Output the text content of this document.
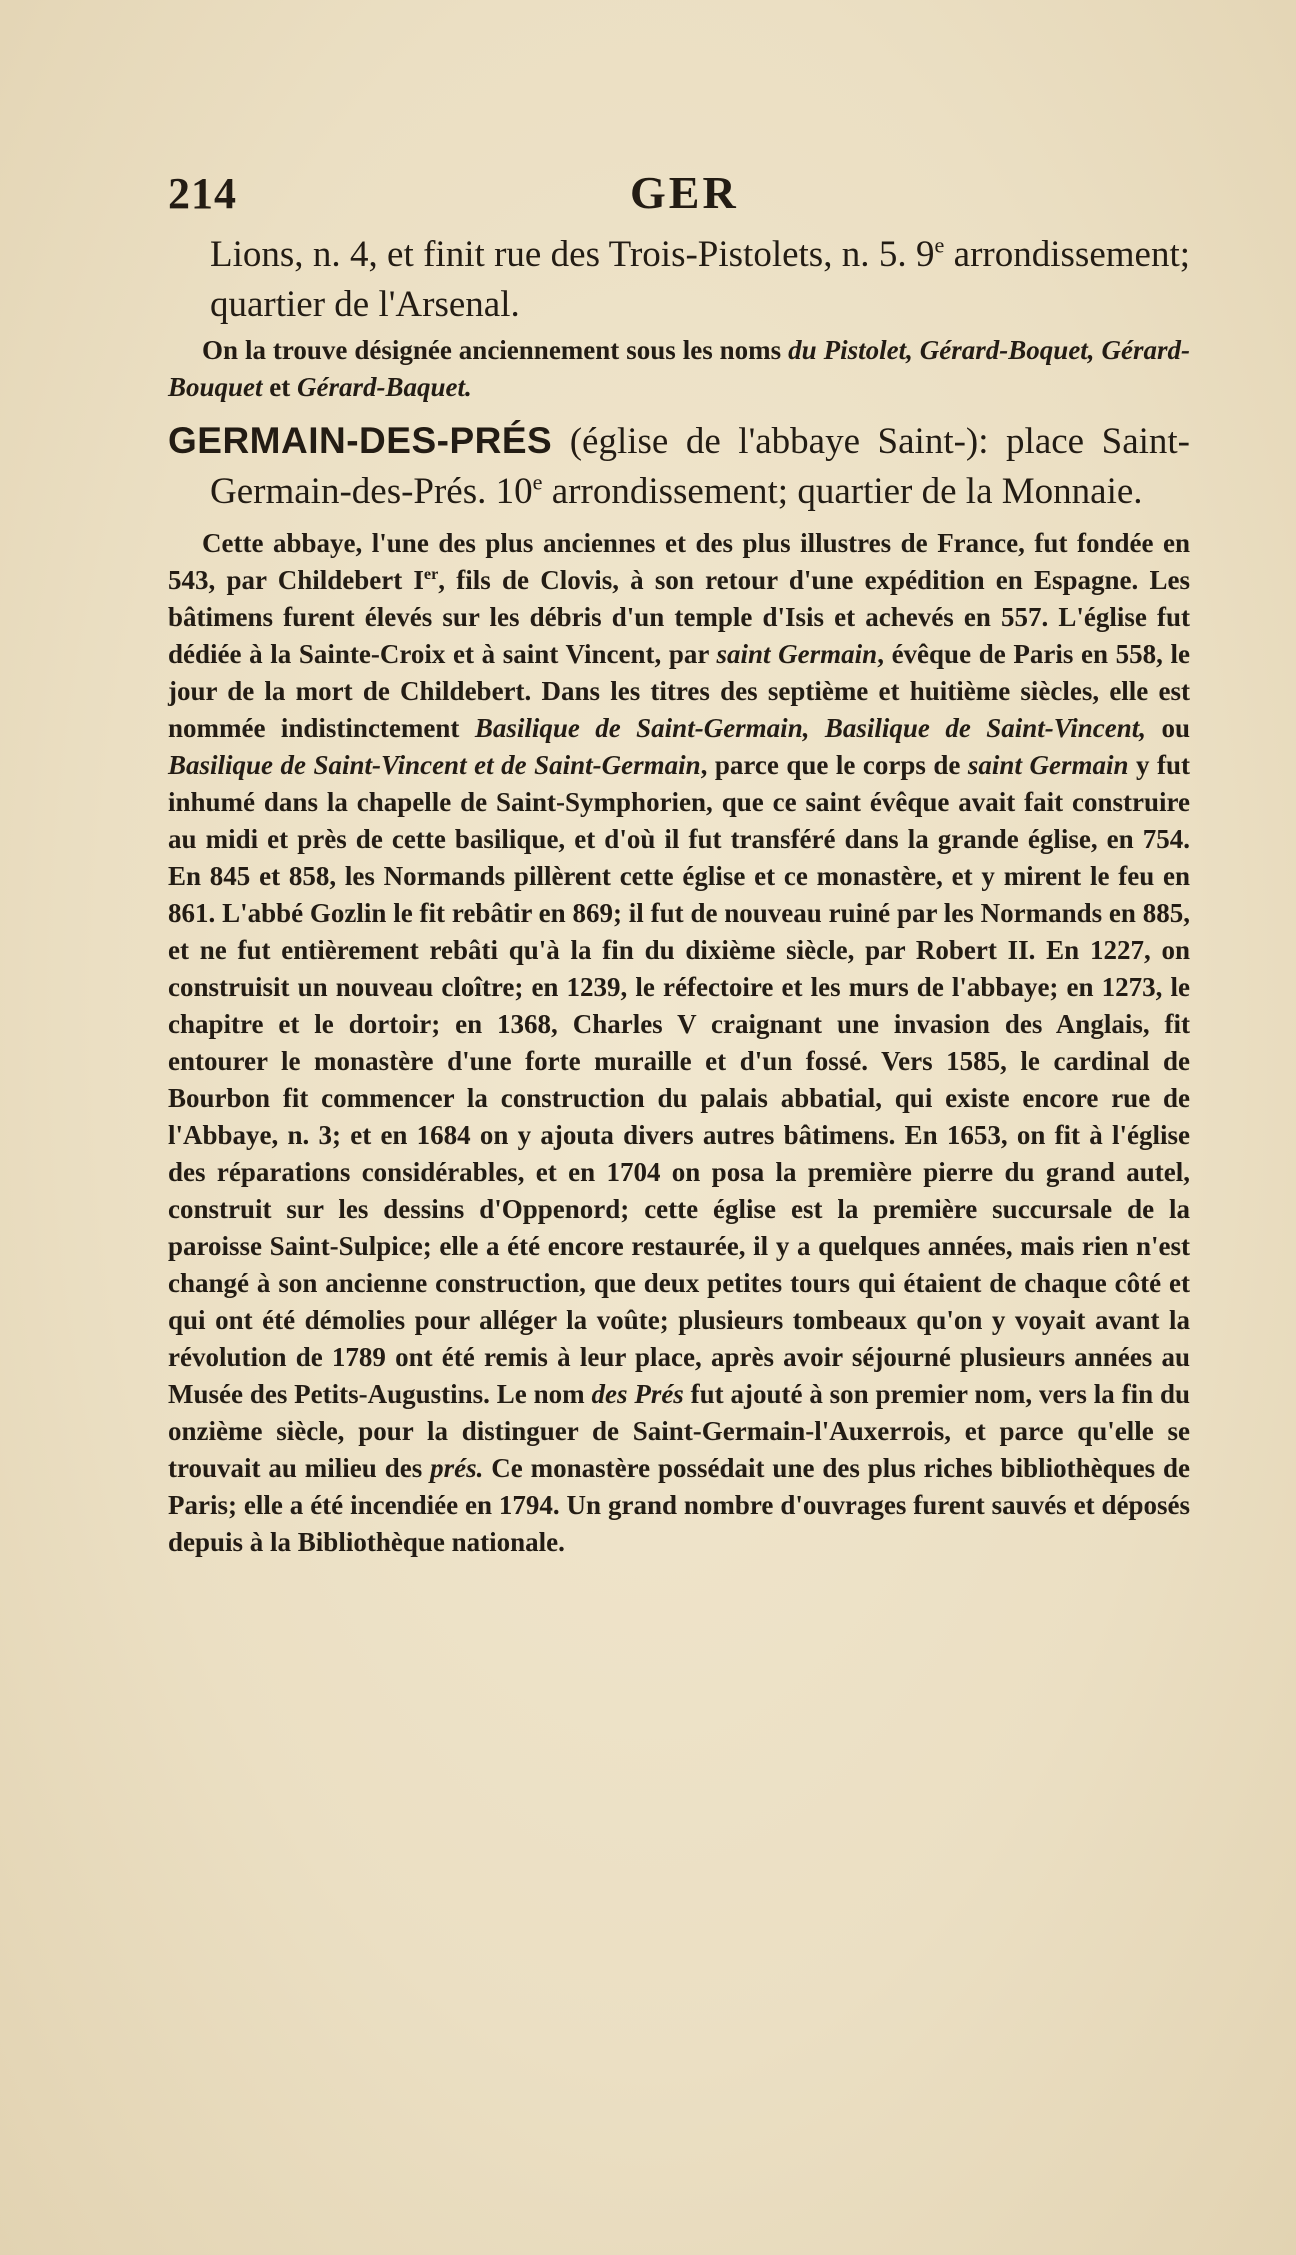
214	GER

Lions, n. 4, et finit rue des Trois-Pistolets, n. 5. 9e arrondissement; quartier de l'Arsenal.

On la trouve désignée anciennement sous les noms du Pistolet, Gérard-Boquet, Gérard-Bouquet et Gérard-Baquet.

GERMAIN-DES-PRÉS (église de l'abbaye Saint-): place Saint-Germain-des-Prés. 10e arrondissement; quartier de la Monnaie.

Cette abbaye, l'une des plus anciennes et des plus illustres de France, fut fondée en 543, par Childebert Ier, fils de Clovis, à son retour d'une expédition en Espagne. Les bâtimens furent élevés sur les débris d'un temple d'Isis et achevés en 557. L'église fut dédiée à la Sainte-Croix et à saint Vincent, par saint Germain, évêque de Paris en 558, le jour de la mort de Childebert. Dans les titres des septième et huitième siècles, elle est nommée indistinctement Basilique de Saint-Germain, Basilique de Saint-Vincent, ou Basilique de Saint-Vincent et de Saint-Germain, parce que le corps de saint Germain y fut inhumé dans la chapelle de Saint-Symphorien, que ce saint évêque avait fait construire au midi et près de cette basilique, et d'où il fut transféré dans la grande église, en 754. En 845 et 858, les Normands pillèrent cette église et ce monastère, et y mirent le feu en 861. L'abbé Gozlin le fit rebâtir en 869; il fut de nouveau ruiné par les Normands en 885, et ne fut entièrement rebâti qu'à la fin du dixième siècle, par Robert II. En 1227, on construisit un nouveau cloître; en 1239, le réfectoire et les murs de l'abbaye; en 1273, le chapitre et le dortoir; en 1368, Charles V craignant une invasion des Anglais, fit entourer le monastère d'une forte muraille et d'un fossé. Vers 1585, le cardinal de Bourbon fit commencer la construction du palais abbatial, qui existe encore rue de l'Abbaye, n. 3; et en 1684 on y ajouta divers autres bâtimens. En 1653, on fit à l'église des réparations considérables, et en 1704 on posa la première pierre du grand autel, construit sur les dessins d'Oppenord; cette église est la première succursale de la paroisse Saint-Sulpice; elle a été encore restaurée, il y a quelques années, mais rien n'est changé à son ancienne construction, que deux petites tours qui étaient de chaque côté et qui ont été démolies pour alléger la voûte; plusieurs tombeaux qu'on y voyait avant la révolution de 1789 ont été remis à leur place, après avoir séjourné plusieurs années au Musée des Petits-Augustins. Le nom des Prés fut ajouté à son premier nom, vers la fin du onzième siècle, pour la distinguer de Saint-Germain-l'Auxerrois, et parce qu'elle se trouvait au milieu des prés. Ce monastère possédait une des plus riches bibliothèques de Paris; elle a été incendiée en 1794. Un grand nombre d'ouvrages furent sauvés et déposés depuis à la Bibliothèque nationale.
